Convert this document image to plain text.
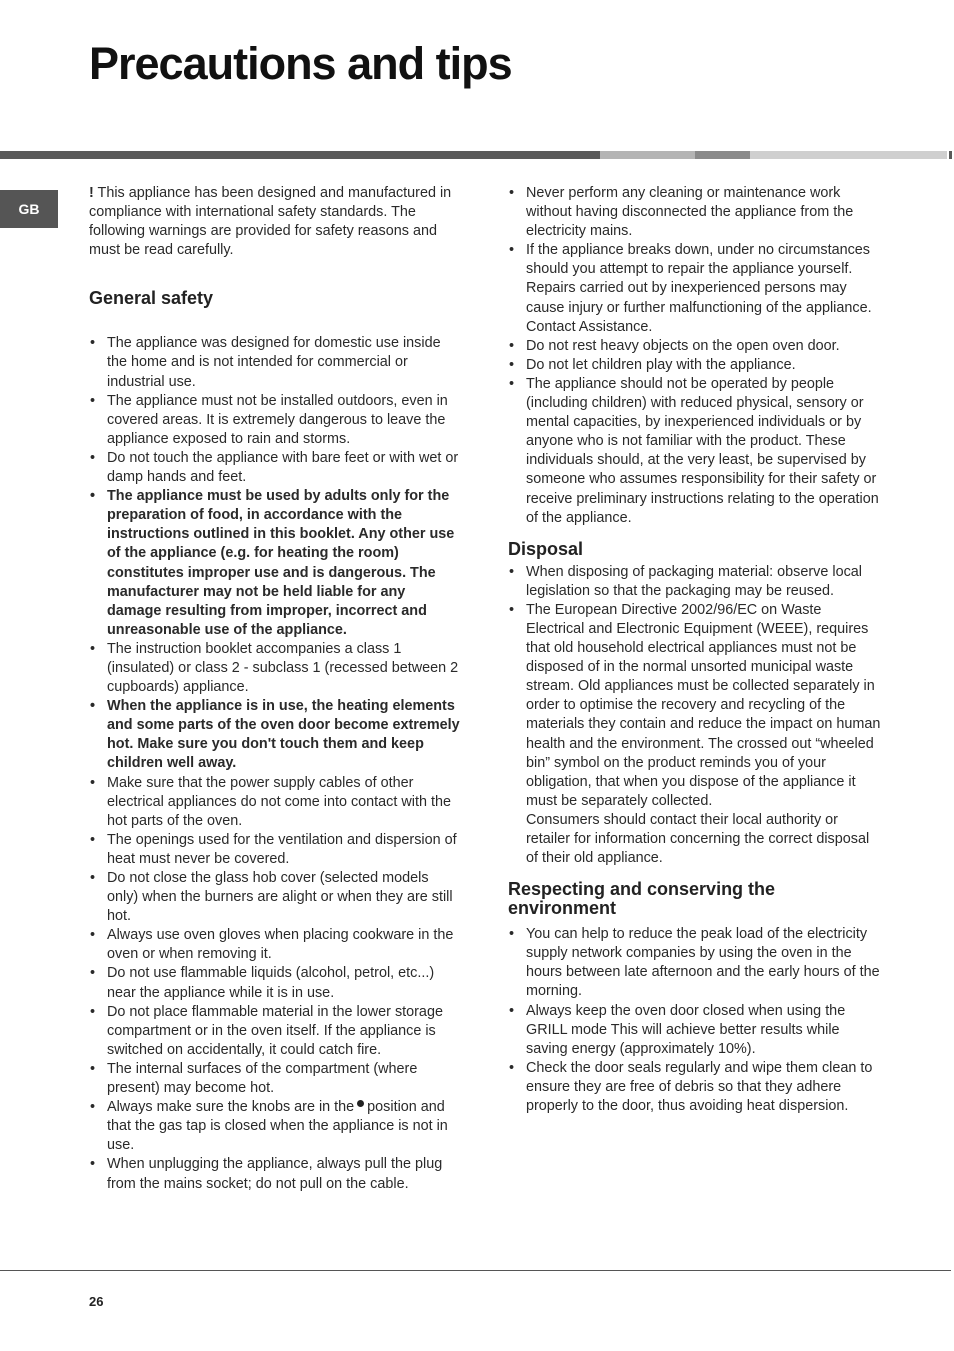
Precautions and tips
GB

! This appliance has been designed and manufactured in compliance with international safety standards. The following warnings are provided for safety reasons and must be read carefully.

General safety
• The appliance was designed for domestic use inside the home and is not intended for commercial or industrial use.
• The appliance must not be installed outdoors, even in covered areas. It is extremely dangerous to leave the appliance exposed to rain and storms.
• Do not touch the appliance with bare feet or with wet or damp hands and feet.
• The appliance must be used by adults only for the preparation of food, in accordance with the instructions outlined in this booklet. Any other use of the appliance (e.g. for heating the room) constitutes improper use and is dangerous. The manufacturer may not be held liable for any damage resulting from improper, incorrect and unreasonable use of the appliance.
• The instruction booklet accompanies a class 1 (insulated) or class 2 - subclass 1 (recessed between 2 cupboards) appliance.
• When the appliance is in use, the heating elements and some parts of the oven door become extremely hot. Make sure you don't touch them and keep children well away.
• Make sure that the power supply cables of other electrical appliances do not come into contact with the hot parts of the oven.
• The openings used for the ventilation and dispersion of heat must never be covered.
• Do not close the glass hob cover (selected models only) when the burners are alight or when they are still hot.
• Always use oven gloves when placing cookware in the oven or when removing it.
• Do not use flammable liquids (alcohol, petrol, etc...) near the appliance while it is in use.
• Do not place flammable material in the lower storage compartment or in the oven itself. If the appliance is switched on accidentally, it could catch fire.
• The internal surfaces of the compartment (where present) may become hot.
• Always make sure the knobs are in the position and that the gas tap is closed when the appliance is not in use.
• When unplugging the appliance, always pull the plug from the mains socket; do not pull on the cable.
• Never perform any cleaning or maintenance work without having disconnected the appliance from the electricity mains.
• If the appliance breaks down, under no circumstances should you attempt to repair the appliance yourself. Repairs carried out by inexperienced persons may cause injury or further malfunctioning of the appliance. Contact Assistance.
• Do not rest heavy objects on the open oven door.
• Do not let children play with the appliance.
• The appliance should not be operated by people (including children) with reduced physical, sensory or mental capacities, by inexperienced individuals or by anyone who is not familiar with the product. These individuals should, at the very least, be supervised by someone who assumes responsibility for their safety or receive preliminary instructions relating to the operation of the appliance.
Disposal
• When disposing of packaging material: observe local legislation so that the packaging may be reused.
• The European Directive 2002/96/EC on Waste Electrical and Electronic Equipment (WEEE), requires that old household electrical appliances must not be disposed of in the normal unsorted municipal waste stream. Old appliances must be collected separately in order to optimise the recovery and recycling of the materials they contain and reduce the impact on human health and the environment. The crossed out “wheeled bin” symbol on the product reminds you of your obligation, that when you dispose of the appliance it must be separately collected.
Consumers should contact their local authority or retailer for information concerning the correct disposal of their old appliance.
Respecting and conserving the environment
• You can help to reduce the peak load of the electricity supply network companies by using the oven in the hours between late afternoon and the early hours of the morning.
• Always keep the oven door closed when using the GRILL mode This will achieve better results while saving energy (approximately 10%).
• Check the door seals regularly and wipe them clean to ensure they are free of debris so that they adhere properly to the door, thus avoiding heat dispersion.
26
